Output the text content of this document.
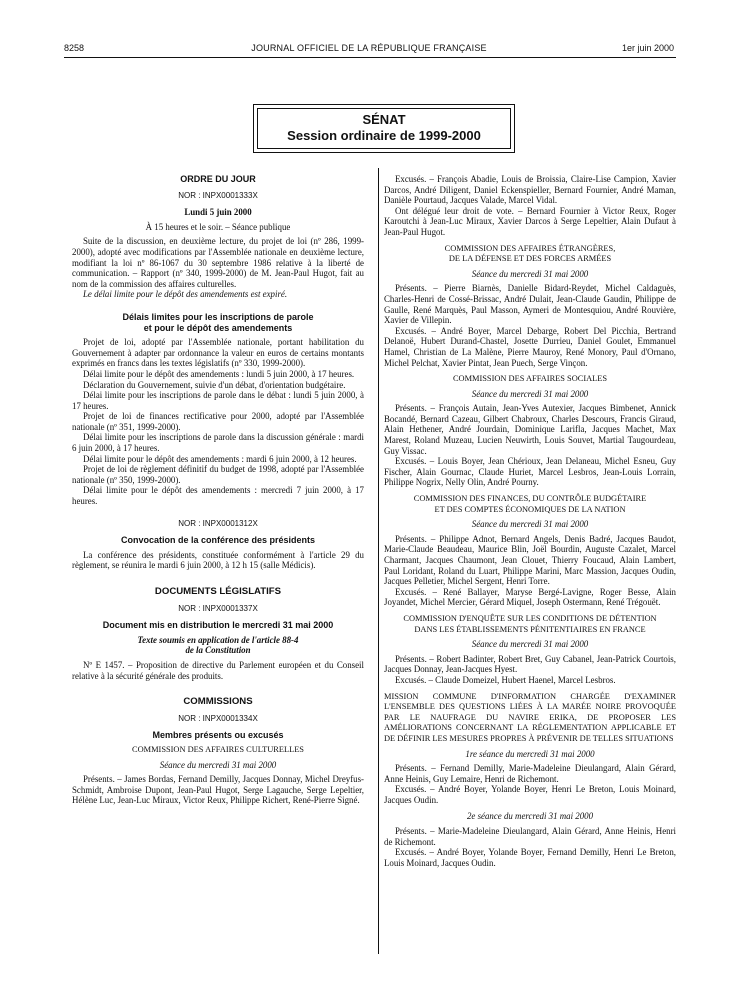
8258	JOURNAL OFFICIEL DE LA RÉPUBLIQUE FRANÇAISE	1er juin 2000
SÉNAT
Session ordinaire de 1999-2000

ORDRE DU JOUR

NOR : INPX0001333X

Lundi 5 juin 2000

À 15 heures et le soir. – Séance publique

Suite de la discussion, en deuxième lecture, du projet de loi (nº 286, 1999-2000), adopté avec modifications par l'Assemblée nationale en deuxième lecture, modifiant la loi nº 86-1067 du 30 septembre 1986 relative à la liberté de communication. – Rapport (nº 340, 1999-2000) de M. Jean-Paul Hugot, fait au nom de la commission des affaires culturelles.

Le délai limite pour le dépôt des amendements est expiré.

Délais limites pour les inscriptions de parole

et pour le dépôt des amendements

Projet de loi, adopté par l'Assemblée nationale, portant habilitation du Gouvernement à adapter par ordonnance la valeur en euros de certains montants exprimés en francs dans les textes législatifs (nº 330, 1999-2000).

Délai limite pour le dépôt des amendements : lundi 5 juin 2000, à 17 heures.

Déclaration du Gouvernement, suivie d'un débat, d'orientation budgétaire.

Délai limite pour les inscriptions de parole dans le débat : lundi 5 juin 2000, à 17 heures.

Projet de loi de finances rectificative pour 2000, adopté par l'Assemblée nationale (nº 351, 1999-2000).

Délai limite pour les inscriptions de parole dans la discussion générale : mardi 6 juin 2000, à 17 heures.

Délai limite pour le dépôt des amendements : mardi 6 juin 2000, à 12 heures.

Projet de loi de règlement définitif du budget de 1998, adopté par l'Assemblée nationale (nº 350, 1999-2000).

Délai limite pour le dépôt des amendements : mercredi 7 juin 2000, à 17 heures.

NOR : INPX0001312X

Convocation de la conférence des présidents

La conférence des présidents, constituée conformément à l'article 29 du règlement, se réunira le mardi 6 juin 2000, à 12 h 15 (salle Médicis).

DOCUMENTS LÉGISLATIFS

NOR : INPX0001337X

Document mis en distribution le mercredi 31 mai 2000

Texte soumis en application de l'article 88-4

de la Constitution

Nº E 1457. – Proposition de directive du Parlement européen et du Conseil relative à la sécurité générale des produits.

COMMISSIONS

NOR : INPX0001334X

Membres présents ou excusés

COMMISSION DES AFFAIRES CULTURELLES

Séance du mercredi 31 mai 2000

Présents. – James Bordas, Fernand Demilly, Jacques Donnay, Michel Dreyfus-Schmidt, Ambroise Dupont, Jean-Paul Hugot, Serge Lagauche, Serge Lepeltier, Hélène Luc, Jean-Luc Miraux, Victor Reux, Philippe Richert, René-Pierre Signé.

Excusés. – François Abadie, Louis de Broissia, Claire-Lise Campion, Xavier Darcos, André Diligent, Daniel Eckenspieller, Bernard Fournier, André Maman, Danièle Pourtaud, Jacques Valade, Marcel Vidal.

Ont délégué leur droit de vote. – Bernard Fournier à Victor Reux, Roger Karoutchi à Jean-Luc Miraux, Xavier Darcos à Serge Lepeltier, Alain Dufaut à Jean-Paul Hugot.

COMMISSION DES AFFAIRES ÉTRANGÈRES,

DE LA DÉFENSE ET DES FORCES ARMÉES

Séance du mercredi 31 mai 2000

Présents. – Pierre Biarnès, Danielle Bidard-Reydet, Michel Caldaguès, Charles-Henri de Cossé-Brissac, André Dulait, Jean-Claude Gaudin, Philippe de Gaulle, René Marquès, Paul Masson, Aymeri de Montesquiou, André Rouvière, Xavier de Villepin.

Excusés. – André Boyer, Marcel Debarge, Robert Del Picchia, Bertrand Delanoë, Hubert Durand-Chastel, Josette Durrieu, Daniel Goulet, Emmanuel Hamel, Christian de La Malène, Pierre Mauroy, René Monory, Paul d'Ornano, Michel Pelchat, Xavier Pintat, Jean Puech, Serge Vinçon.

COMMISSION DES AFFAIRES SOCIALES

Séance du mercredi 31 mai 2000

Présents. – François Autain, Jean-Yves Autexier, Jacques Bimbenet, Annick Bocandé, Bernard Cazeau, Gilbert Chabroux, Charles Descours, Francis Giraud, Alain Hethener, André Jourdain, Dominique Larifla, Jacques Machet, Max Marest, Roland Muzeau, Lucien Neuwirth, Louis Souvet, Martial Taugourdeau, Guy Vissac.

Excusés. – Louis Boyer, Jean Chérioux, Jean Delaneau, Michel Esneu, Guy Fischer, Alain Gournac, Claude Huriet, Marcel Lesbros, Jean-Louis Lorrain, Philippe Nogrix, Nelly Olin, André Pourny.

COMMISSION DES FINANCES, DU CONTRÔLE BUDGÉTAIRE

ET DES COMPTES ÉCONOMIQUES DE LA NATION

Séance du mercredi 31 mai 2000

Présents. – Philippe Adnot, Bernard Angels, Denis Badré, Jacques Baudot, Marie-Claude Beaudeau, Maurice Blin, Joël Bourdin, Auguste Cazalet, Marcel Charmant, Jacques Chaumont, Jean Clouet, Thierry Foucaud, Alain Lambert, Paul Loridant, Roland du Luart, Philippe Marini, Marc Massion, Jacques Oudin, Jacques Pelletier, Michel Sergent, Henri Torre.

Excusés. – René Ballayer, Maryse Bergé-Lavigne, Roger Besse, Alain Joyandet, Michel Mercier, Gérard Miquel, Joseph Ostermann, René Trégouët.

COMMISSION D'ENQUÊTE SUR LES CONDITIONS DE DÉTENTION

DANS LES ÉTABLISSEMENTS PÉNITENTIAIRES EN FRANCE

Séance du mercredi 31 mai 2000

Présents. – Robert Badinter, Robert Bret, Guy Cabanel, Jean-Patrick Courtois, Jacques Donnay, Jean-Jacques Hyest.

Excusés. – Claude Domeizel, Hubert Haenel, Marcel Lesbros.

MISSION COMMUNE D'INFORMATION CHARGÉE D'EXAMINER L'ENSEMBLE DES QUESTIONS LIÉES À LA MARÉE NOIRE PROVOQUÉE PAR LE NAUFRAGE DU NAVIRE ERIKA, DE PROPOSER LES AMÉLIORATIONS CONCERNANT LA RÉGLEMENTATION APPLICABLE ET DE DÉFINIR LES MESURES PROPRES À PRÉVENIR DE TELLES SITUATIONS

1re séance du mercredi 31 mai 2000

Présents. – Fernand Demilly, Marie-Madeleine Dieulangard, Alain Gérard, Anne Heinis, Guy Lemaire, Henri de Richemont.

Excusés. – André Boyer, Yolande Boyer, Henri Le Breton, Louis Moinard, Jacques Oudin.

2e séance du mercredi 31 mai 2000

Présents. – Marie-Madeleine Dieulangard, Alain Gérard, Anne Heinis, Henri de Richemont.

Excusés. – André Boyer, Yolande Boyer, Fernand Demilly, Henri Le Breton, Louis Moinard, Jacques Oudin.
